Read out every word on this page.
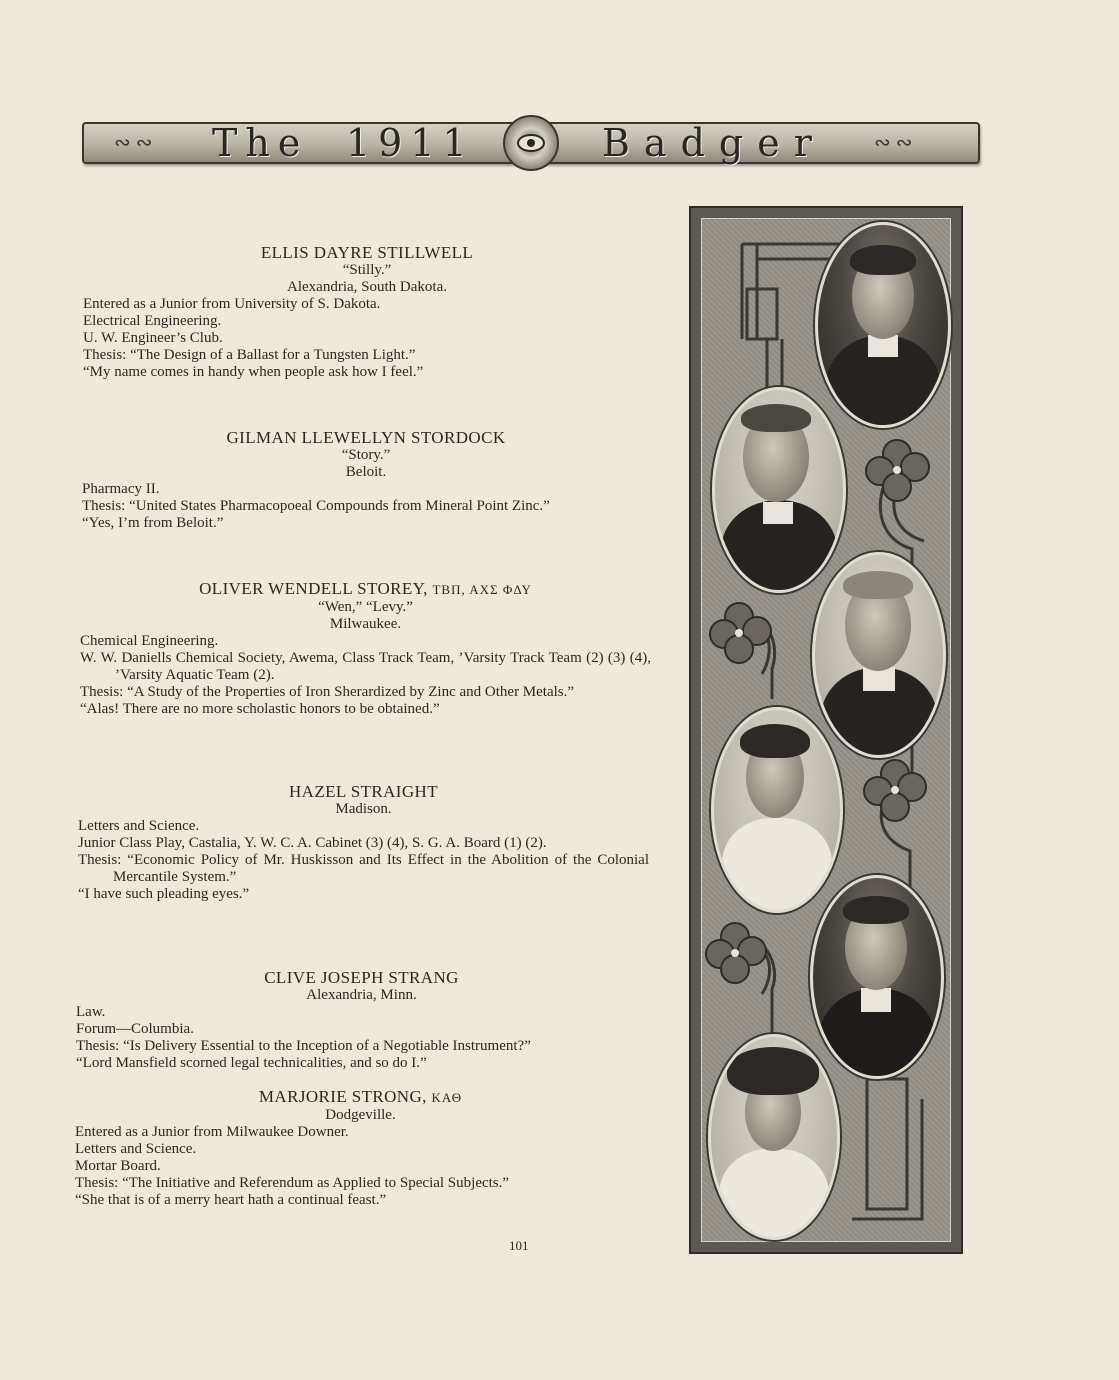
∾ ∾ The 1911	Badger ∾ ∾
ELLIS DAYRE STILLWELL
“Stilly.”
Alexandria, South Dakota.
Entered as a Junior from University of S. Dakota.
Electrical Engineering.
U. W. Engineer’s Club.
Thesis: “The Design of a Ballast for a Tungsten Light.”
“My name comes in handy when people ask how I feel.”
GILMAN LLEWELLYN STORDOCK
“Story.”
Beloit.
Pharmacy II.
Thesis: “United States Pharmacopoeal Compounds from Mineral Point Zinc.”
“Yes, I’m from Beloit.”
OLIVER WENDELL STOREY, ΤΒΠ, ΑΧΣ ΦΔΥ
“Wen,” “Levy.”
Milwaukee.
Chemical Engineering.
W. W. Daniells Chemical Society, Awema, Class Track Team, ’Varsity Track Team (2) (3) (4), ’Varsity Aquatic Team (2).
Thesis: “A Study of the Properties of Iron Sherardized by Zinc and Other Metals.”
“Alas! There are no more scholastic honors to be obtained.”
HAZEL STRAIGHT
Madison.
Letters and Science.
Junior Class Play, Castalia, Y. W. C. A. Cabinet (3) (4), S. G. A. Board (1) (2).
Thesis: “Economic Policy of Mr. Huskisson and Its Effect in the Abolition of the Colonial Mercantile System.”
“I have such pleading eyes.”
CLIVE JOSEPH STRANG
Alexandria, Minn.
Law.
Forum—Columbia.
Thesis: “Is Delivery Essential to the Inception of a Negotiable Instrument?”
“Lord Mansfield scorned legal technicalities, and so do I.”
MARJORIE STRONG, ΚΑΘ
Dodgeville.
Entered as a Junior from Milwaukee Downer.
Letters and Science.
Mortar Board.
Thesis: “The Initiative and Referendum as Applied to Special Subjects.”
“She that is of a merry heart hath a continual feast.”
101
